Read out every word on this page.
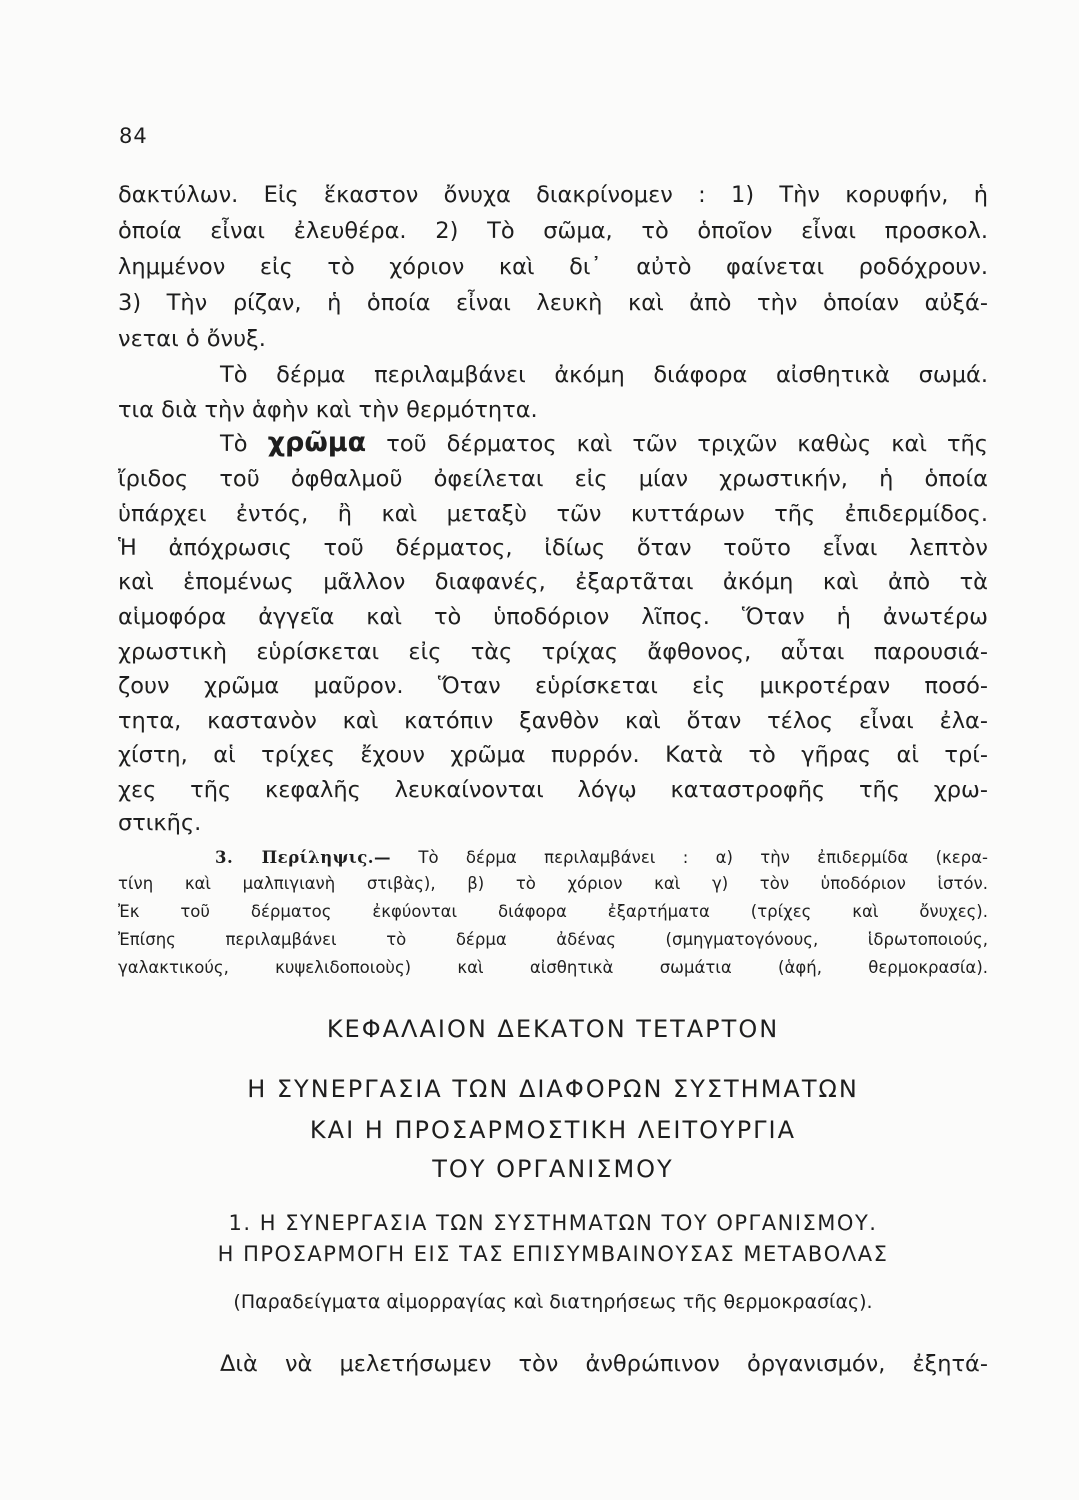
84
δακτύλων. Εἰς ἕκαστον ὄνυχα διακρίνομεν : 1) Τὴν κορυφήν, ἡ
ὁποία εἶναι ἐλευθέρα. 2) Τὸ σῶμα, τὸ ὁποῖον εἶναι προσκολ.
λημμένον εἰς τὸ χόριον καὶ δι᾿ αὐτὸ φαίνεται ροδόχρουν.
3) Τὴν ρίζαν, ἡ ὁποία εἶναι λευκὴ καὶ ἀπὸ τὴν ὁποίαν αὐξά-
νεται ὁ ὄνυξ.
Τὸ δέρμα περιλαμβάνει ἀκόμη διάφορα αἰσθητικὰ σωμά.
τια διὰ τὴν ἁφὴν καὶ τὴν θερμότητα.
Τὸ χρῶμα τοῦ δέρματος καὶ τῶν τριχῶν καθὼς καὶ τῆς
ἴριδος τοῦ ὀφθαλμοῦ ὀφείλεται εἰς μίαν χρωστικήν, ἡ ὁποία
ὑπάρχει ἐντός, ἢ καὶ μεταξὺ τῶν κυττάρων τῆς ἐπιδερμίδος.
Ἡ ἀπόχρωσις τοῦ δέρματος, ἰδίως ὅταν τοῦτο εἶναι λεπτὸν
καὶ ἑπομένως μᾶλλον διαφανές, ἐξαρτᾶται ἀκόμη καὶ ἀπὸ τὰ
αἱμοφόρα ἀγγεῖα καὶ τὸ ὑποδόριον λῖπος. Ὅταν ἡ ἀνωτέρω
χρωστικὴ εὑρίσκεται εἰς τὰς τρίχας ἄφθονος, αὗται παρουσιά-
ζουν χρῶμα μαῦρον. Ὅταν εὑρίσκεται εἰς μικροτέραν ποσό-
τητα, καστανὸν καὶ κατόπιν ξανθὸν καὶ ὅταν τέλος εἶναι ἐλα-
χίστη, αἱ τρίχες ἔχουν χρῶμα πυρρόν. Κατὰ τὸ γῆρας αἱ τρί-
χες τῆς κεφαλῆς λευκαίνονται λόγῳ καταστροφῆς τῆς χρω-
στικῆς.
3. Περίληψις.— Τὸ δέρμα περιλαμβάνει : α) τὴν ἐπιδερμίδα (κερα-
τίνη καὶ μαλπιγιανὴ στιβὰς), β) τὸ χόριον καὶ γ) τὸν ὑποδόριον ἱστόν.
Ἐκ τοῦ δέρματος ἐκφύονται διάφορα ἐξαρτήματα (τρίχες καὶ ὄνυχες).
Ἐπίσης περιλαμβάνει τὸ δέρμα ἀδένας (σμηγματογόνους, ἱδρωτοποιούς,
γαλακτικούς, κυψελιδοποιοὺς) καὶ αἰσθητικὰ σωμάτια (ἁφή, θερμοκρασία).
ΚΕΦΑΛΑΙΟΝ ΔΕΚΑΤΟΝ ΤΕΤΑΡΤΟΝ
Η ΣΥΝΕΡΓΑΣΙΑ ΤΩΝ ΔΙΑΦΟΡΩΝ ΣΥΣΤΗΜΑΤΩΝ
ΚΑΙ Η ΠΡΟΣΑΡΜΟΣΤΙΚΗ ΛΕΙΤΟΥΡΓΙΑ
ΤΟΥ ΟΡΓΑΝΙΣΜΟΥ
1. Η ΣΥΝΕΡΓΑΣΙΑ ΤΩΝ ΣΥΣΤΗΜΑΤΩΝ ΤΟΥ ΟΡΓΑΝΙΣΜΟΥ.
Η ΠΡΟΣΑΡΜΟΓΗ ΕΙΣ ΤΑΣ ΕΠΙΣΥΜΒΑΙΝΟΥΣΑΣ ΜΕΤΑΒΟΛΑΣ
(Παραδείγματα αἱμορραγίας καὶ διατηρήσεως τῆς θερμοκρασίας).
Διὰ νὰ μελετήσωμεν τὸν ἀνθρώπινον ὀργανισμόν, ἐξητά-
